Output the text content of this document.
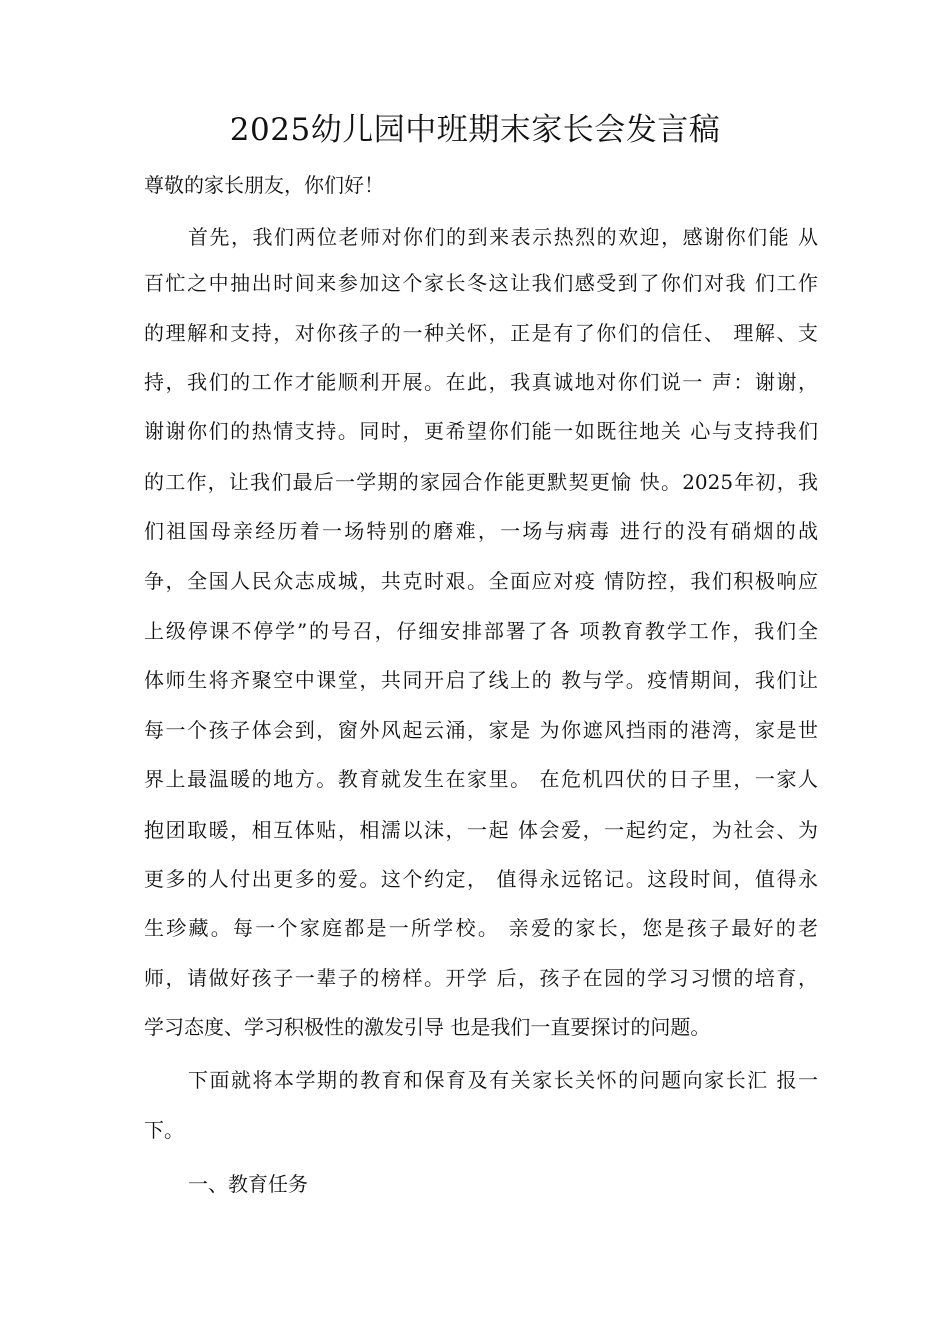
2025幼儿园中班期末家长会发言稿
尊敬的家长朋友，你们好！
首先，我们两位老师对你们的到来表示热烈的欢迎，感谢你们能 从
百忙之中抽出时间来参加这个家长冬这让我们感受到了你们对我 们工作
的理解和支持，对你孩子的一种关怀，正是有了你们的信任、 理解、支
持，我们的工作才能顺利开展。在此，我真诚地对你们说一 声：谢谢，
谢谢你们的热情支持。同时，更希望你们能一如既往地关 心与支持我们
的工作，让我们最后一学期的家园合作能更默契更愉 快。2025年初，我
们祖国母亲经历着一场特别的磨难，一场与病毒 进行的没有硝烟的战
争，全国人民众志成城，共克时艰。全面应对疫 情防控，我们积极响应
上级停课不停学”的号召，仔细安排部署了各 项教育教学工作，我们全
体师生将齐聚空中课堂，共同开启了线上的 教与学。疫情期间，我们让
每一个孩子体会到，窗外风起云涌，家是 为你遮风挡雨的港湾，家是世
界上最温暖的地方。教育就发生在家里。 在危机四伏的日子里，一家人
抱团取暖，相互体贴，相濡以沫，一起 体会爱，一起约定，为社会、为
更多的人付出更多的爱。这个约定， 值得永远铭记。这段时间，值得永
生珍藏。每一个家庭都是一所学校。 亲爱的家长，您是孩子最好的老
师，请做好孩子一辈子的榜样。开学 后，孩子在园的学习习惯的培育，
学习态度、学习积极性的激发引导 也是我们一直要探讨的问题。
下面就将本学期的教育和保育及有关家长关怀的问题向家长汇 报一
下。
一、教育任务
